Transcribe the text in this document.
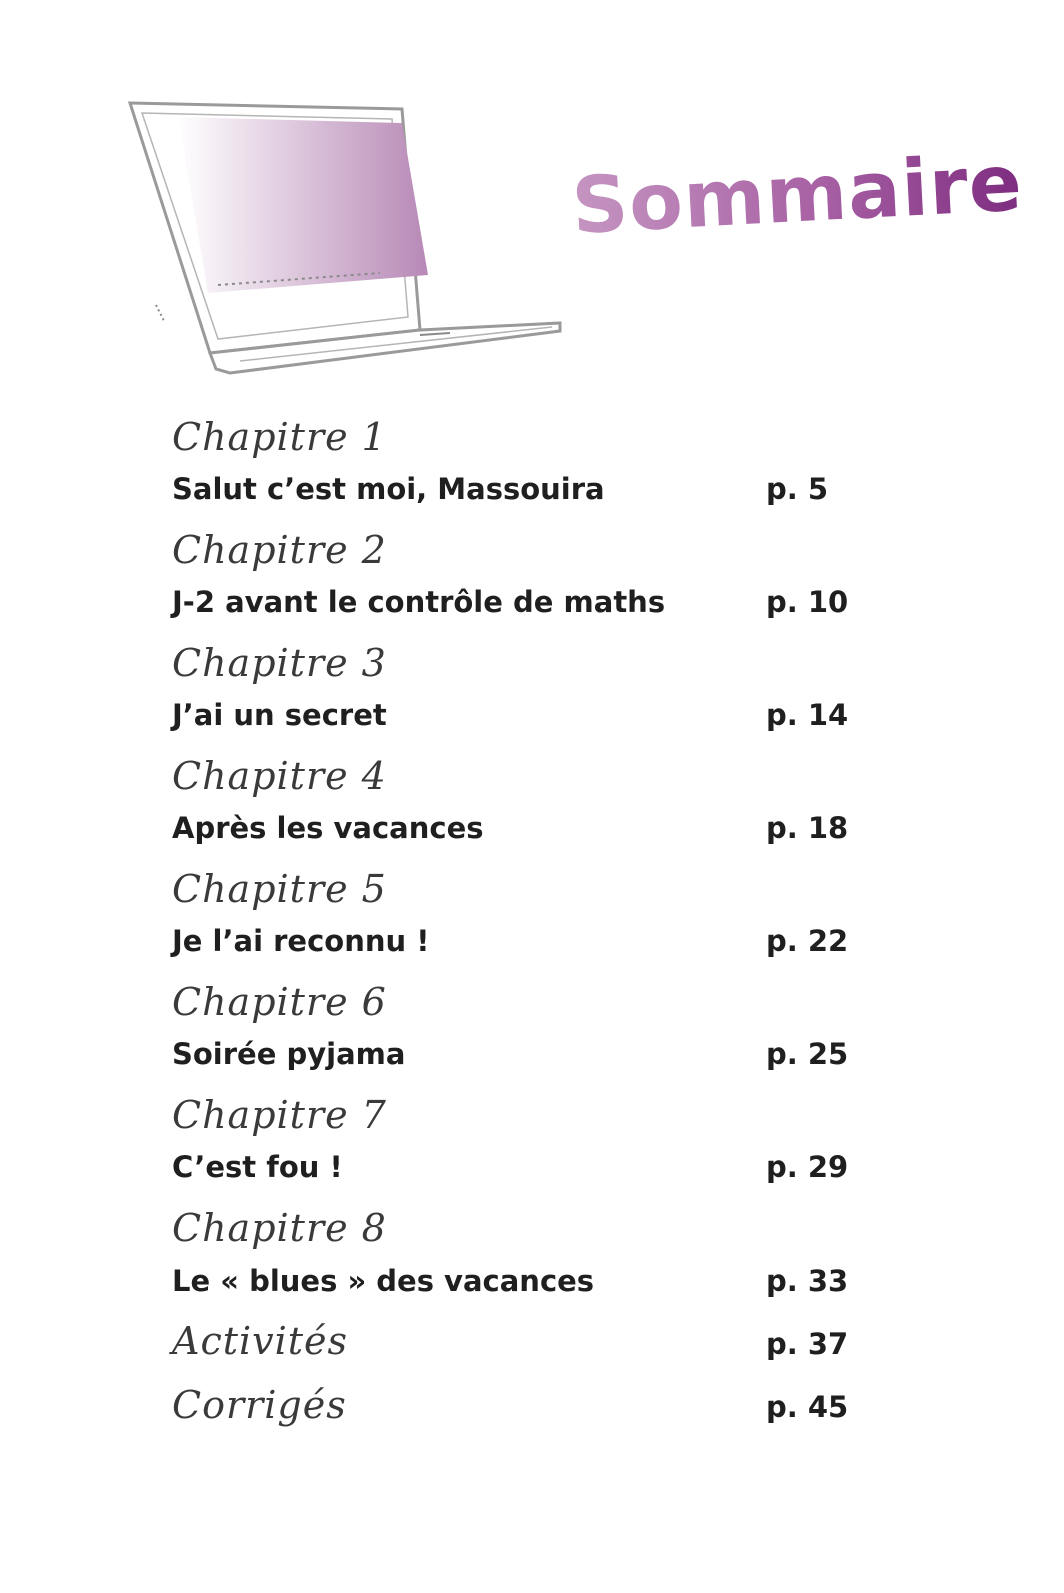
Sommaire
Chapitre 1
Salut c’est moi, Massouira	p. 5
Chapitre 2
J-2 avant le contrôle de maths	p. 10
Chapitre 3
J’ai un secret	p. 14
Chapitre 4
Après les vacances	p. 18
Chapitre 5
Je l’ai reconnu !	p. 22
Chapitre 6
Soirée pyjama	p. 25
Chapitre 7
C’est fou !	p. 29
Chapitre 8
Le « blues » des vacances	p. 33
Activités	p. 37
Corrigés	p. 45
